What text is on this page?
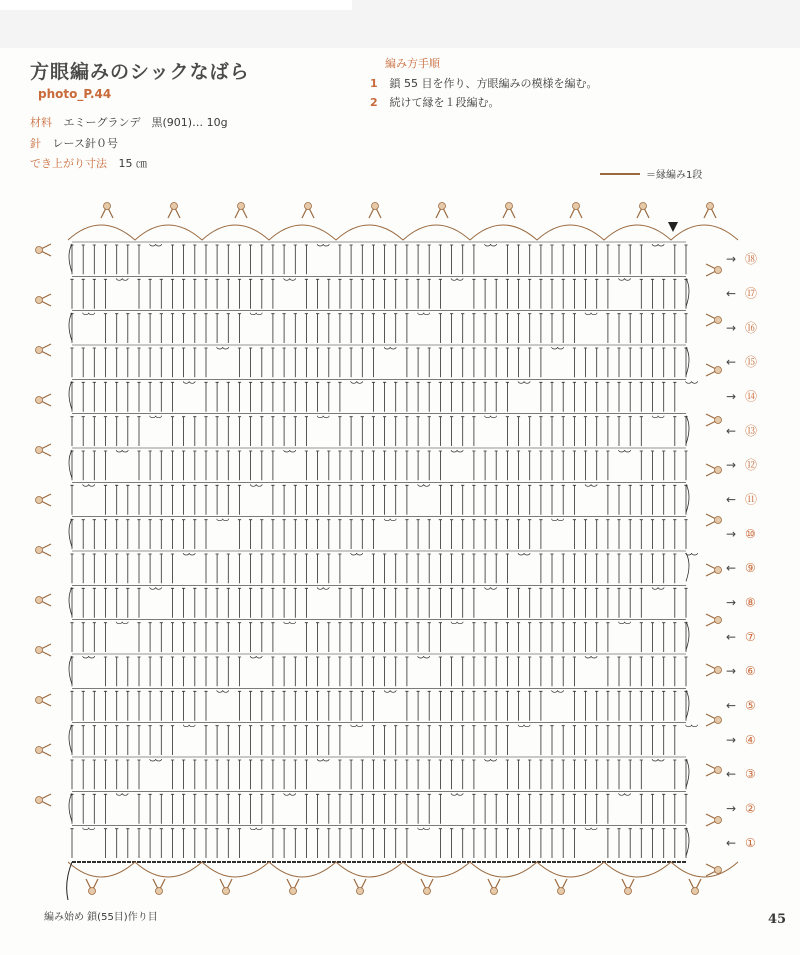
方眼編みのシックなばら
photo_P.44
材料 エミーグランデ　黒(901)… 10g
針 レース針０号
でき上がり寸法 15 ㎝
編み方手順
1 鎖 55 目を作り、方眼編みの模様を編む。
2 続けて縁を１段編む。
＝縁編み1段
→ ⑱
← ⑰
→ ⑯
← ⑮
→ ⑭
← ⑬
→ ⑫
← ⑪
→ ⑩
← ⑨
→ ⑧
← ⑦
→ ⑥
← ⑤
→ ④
← ③
→ ②
← ①
編み始め 鎖(55目)作り目	45
